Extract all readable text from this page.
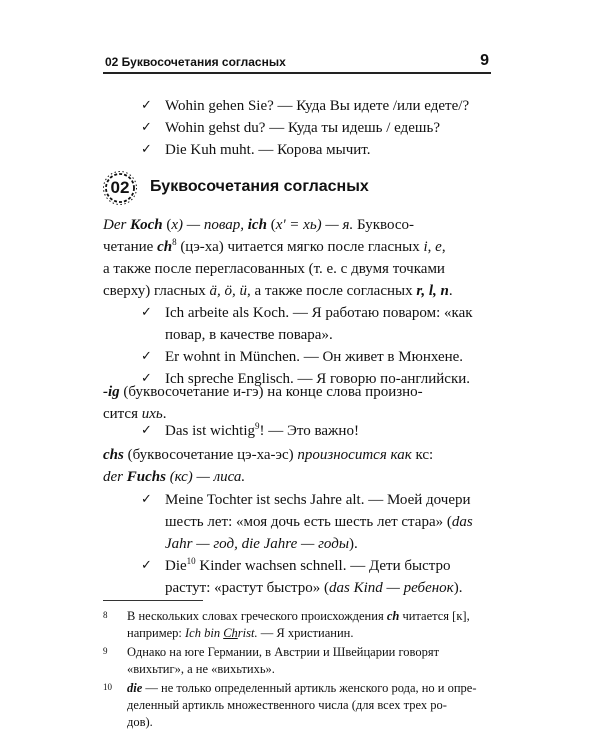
02 Буквосочетания согласных	9

✓ Wohin gehen Sie? — Куда Вы идете /или едете/?

✓ Wohin gehst du? — Куда ты идешь / едешь?

✓ Die Kuh muht. — Корова мычит.

02	Буквосочетания согласных
Der Koch (x) — повар, ich (x' = хь) — я. Буквосо-
четание $ch^8$ (цэ-ха) читается мягко после гласных i, e,
а также после перегласованных (т. е. с двумя точками
сверху) гласных ä, ö, ü, а также после согласных r, l, n.

✓ Ich arbeite als Koch. — Я работаю поваром: «как
повар, в качестве повара».

✓ Er wohnt in München. — Он живет в Мюнхене.

✓ Ich spreche Englisch. — Я говорю по-английски.

-ig (буквосочетание и-гэ) на конце слова произно-
сится ихь.

✓ Das ist wichtig$^9$! — Это важно!

chs (буквосочетание цэ-ха-эс) произносится как кс:
der Fuchs (кс) — лиса.

✓ Meine Tochter ist sechs Jahre alt. — Моей дочери
шесть лет: «моя дочь есть шесть лет стара» (das
Jahr — год, die Jahre — годы).

✓ Die$^{10}$ Kinder wachsen schnell. — Дети быстро
растут: «растут быстро» (das Kind — ребенок).

8	В нескольких словах греческого происхождения ch читается [к],
например: Ich bin Christ. — Я христианин.
9	Однако на юге Германии, в Австрии и Швейцарии говорят
«вихьтиг», а не «вихьтихь».
10	die — не только определенный артикль женского рода, но и опре-
деленный артикль множественного числа (для всех трех ро-
дов).
